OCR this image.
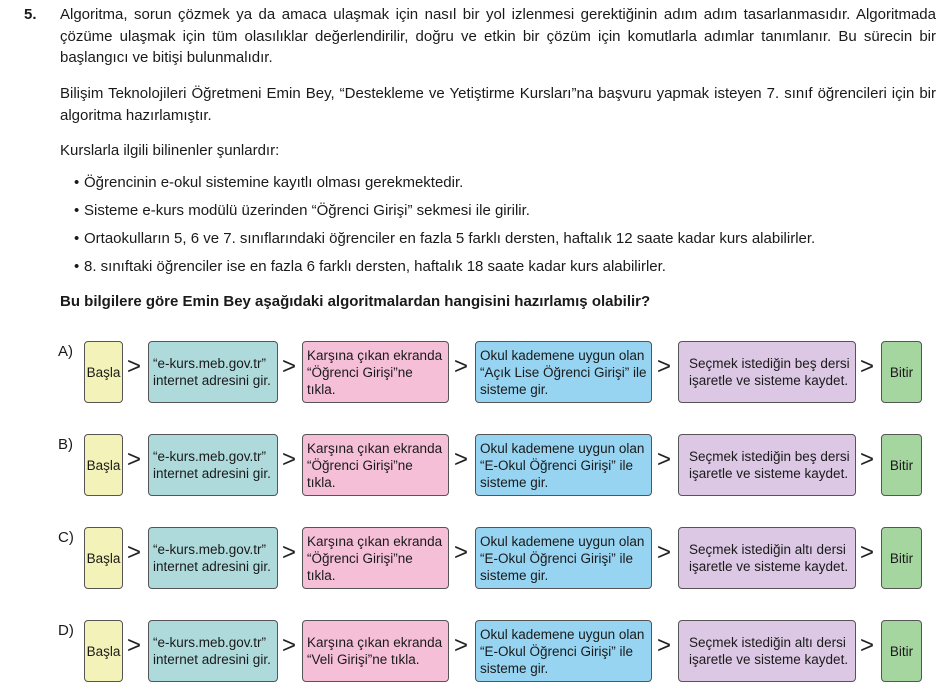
5. Algoritma, sorun çözmek ya da amaca ulaşmak için nasıl bir yol izlenmesi gerektiğinin adım adım tasarlanmasıdır. Algoritmada çözüme ulaşmak için tüm olasılıklar değerlendirilir, doğru ve etkin bir çözüm için komutlarla adımlar tanımlanır. Bu sürecin bir başlangıcı ve bitişi bulunmalıdır.
Bilişim Teknolojileri Öğretmeni Emin Bey, “Destekleme ve Yetiştirme Kursları”na başvuru yapmak isteyen 7. sınıf öğrencileri için bir algoritma hazırlamıştır.
Kurslarla ilgili bilinenler şunlardır:
• Öğrencinin e-okul sistemine kayıtlı olması gerekmektedir.
• Sisteme e-kurs modülü üzerinden “Öğrenci Girişi” sekmesi ile girilir.
• Ortaokulların 5, 6 ve 7. sınıflarındaki öğrenciler en fazla 5 farklı dersten, haftalık 12 saate kadar kurs alabilirler.
• 8. sınıftaki öğrenciler ise en fazla 6 farklı dersten, haftalık 18 saate kadar kurs alabilirler.
Bu bilgilere göre Emin Bey aşağıdaki algoritmalardan hangisini hazırlamış olabilir?
A)
Başla > “e-kurs.meb.gov.tr”
internet adresini gir.
> Karşına çıkan ekranda
“Öğrenci Girişi”ne tıkla.
> Okul kademene uygun olan
“Açık Lise Öğrenci Girişi” ile
sisteme gir.
> Seçmek istediğin beş dersi
işaretle ve sisteme kaydet.
> Bitir
B)
Başla > “e-kurs.meb.gov.tr”
internet adresini gir.
> Karşına çıkan ekranda
“Öğrenci Girişi”ne tıkla.
> Okul kademene uygun olan
“E-Okul Öğrenci Girişi” ile
sisteme gir.
> Seçmek istediğin beş dersi
işaretle ve sisteme kaydet.
> Bitir
C)
Başla > “e-kurs.meb.gov.tr”
internet adresini gir.
> Karşına çıkan ekranda
“Öğrenci Girişi”ne tıkla.
> Okul kademene uygun olan
“E-Okul Öğrenci Girişi” ile
sisteme gir.
> Seçmek istediğin altı dersi
işaretle ve sisteme kaydet.
> Bitir
D)
Başla > “e-kurs.meb.gov.tr”
internet adresini gir.
> Karşına çıkan ekranda
“Veli Girişi”ne tıkla.
> Okul kademene uygun olan
“E-Okul Öğrenci Girişi” ile
sisteme gir.
> Seçmek istediğin altı dersi
işaretle ve sisteme kaydet.
> Bitir
